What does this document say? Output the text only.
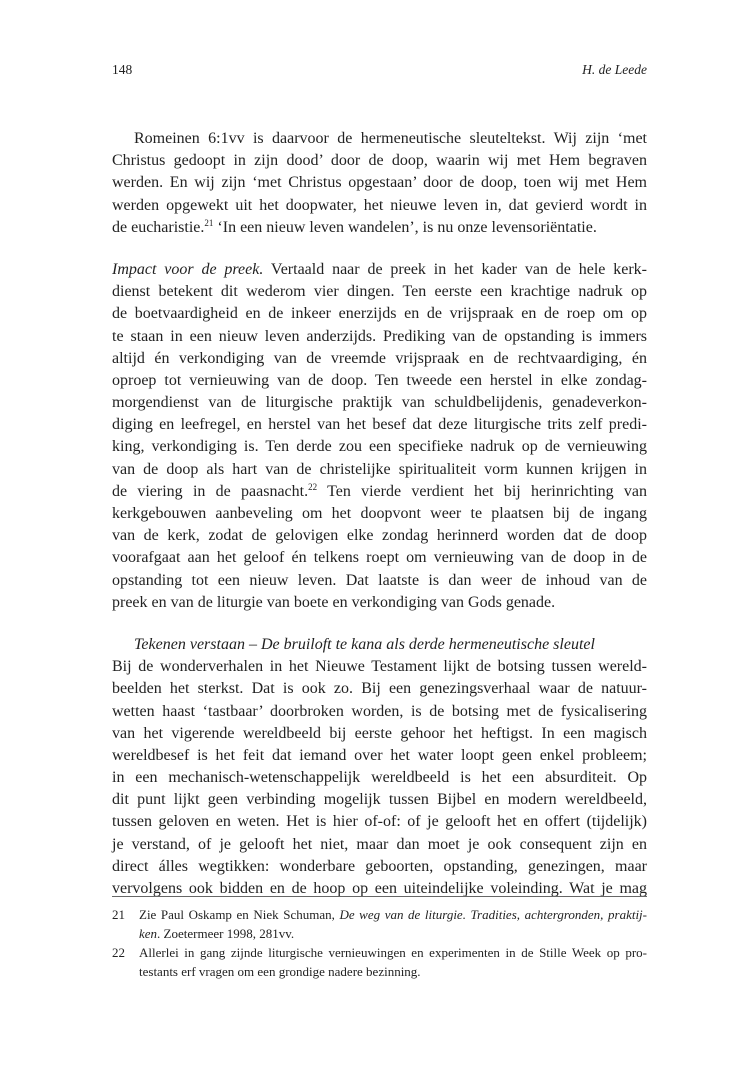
148	H. de Leede
Romeinen 6:1vv is daarvoor de hermeneutische sleuteltekst. Wij zijn ‘met
Christus gedoopt in zijn dood’ door de doop, waarin wij met Hem begraven
werden. En wij zijn ‘met Christus opgestaan’ door de doop, toen wij met Hem
werden opgewekt uit het doopwater, het nieuwe leven in, dat gevierd wordt in
de eucharistie.$^{21}$ ‘In een nieuw leven wandelen’, is nu onze levensoriëntatie.
Impact voor de preek. Vertaald naar de preek in het kader van de hele kerk-
dienst betekent dit wederom vier dingen. Ten eerste een krachtige nadruk op
de boetvaardigheid en de inkeer enerzijds en de vrijspraak en de roep om op
te staan in een nieuw leven anderzijds. Prediking van de opstanding is immers
altijd én verkondiging van de vreemde vrijspraak en de rechtvaardiging, én
oproep tot vernieuwing van de doop. Ten tweede een herstel in elke zondag-
morgendienst van de liturgische praktijk van schuldbelijdenis, genadeverkon-
diging en leefregel, en herstel van het besef dat deze liturgische trits zelf predi-
king, verkondiging is. Ten derde zou een specifieke nadruk op de vernieuwing
van de doop als hart van de christelijke spiritualiteit vorm kunnen krijgen in
de viering in de paasnacht.$^{22}$ Ten vierde verdient het bij herinrichting van
kerkgebouwen aanbeveling om het doopvont weer te plaatsen bij de ingang
van de kerk, zodat de gelovigen elke zondag herinnerd worden dat de doop
voorafgaat aan het geloof én telkens roept om vernieuwing van de doop in de
opstanding tot een nieuw leven. Dat laatste is dan weer de inhoud van de
preek en van de liturgie van boete en verkondiging van Gods genade.
Tekenen verstaan – De bruiloft te kana als derde hermeneutische sleutel
Bij de wonderverhalen in het Nieuwe Testament lijkt de botsing tussen wereld-
beelden het sterkst. Dat is ook zo. Bij een genezingsverhaal waar de natuur-
wetten haast ‘tastbaar’ doorbroken worden, is de botsing met de fysicalisering
van het vigerende wereldbeeld bij eerste gehoor het heftigst. In een magisch
wereldbesef is het feit dat iemand over het water loopt geen enkel probleem;
in een mechanisch-wetenschappelijk wereldbeeld is het een absurditeit. Op
dit punt lijkt geen verbinding mogelijk tussen Bijbel en modern wereldbeeld,
tussen geloven en weten. Het is hier of-of: of je gelooft het en offert (tijdelijk)
je verstand, of je gelooft het niet, maar dan moet je ook consequent zijn en
direct álles wegtikken: wonderbare geboorten, opstanding, genezingen, maar
vervolgens ook bidden en de hoop op een uiteindelijke voleinding. Wat je mag
21	Zie Paul Oskamp en Niek Schuman, De weg van de liturgie. Tradities, achtergronden, praktij-
ken. Zoetermeer 1998, 281vv.
22	Allerlei in gang zijnde liturgische vernieuwingen en experimenten in de Stille Week op pro-
testants erf vragen om een grondige nadere bezinning.
